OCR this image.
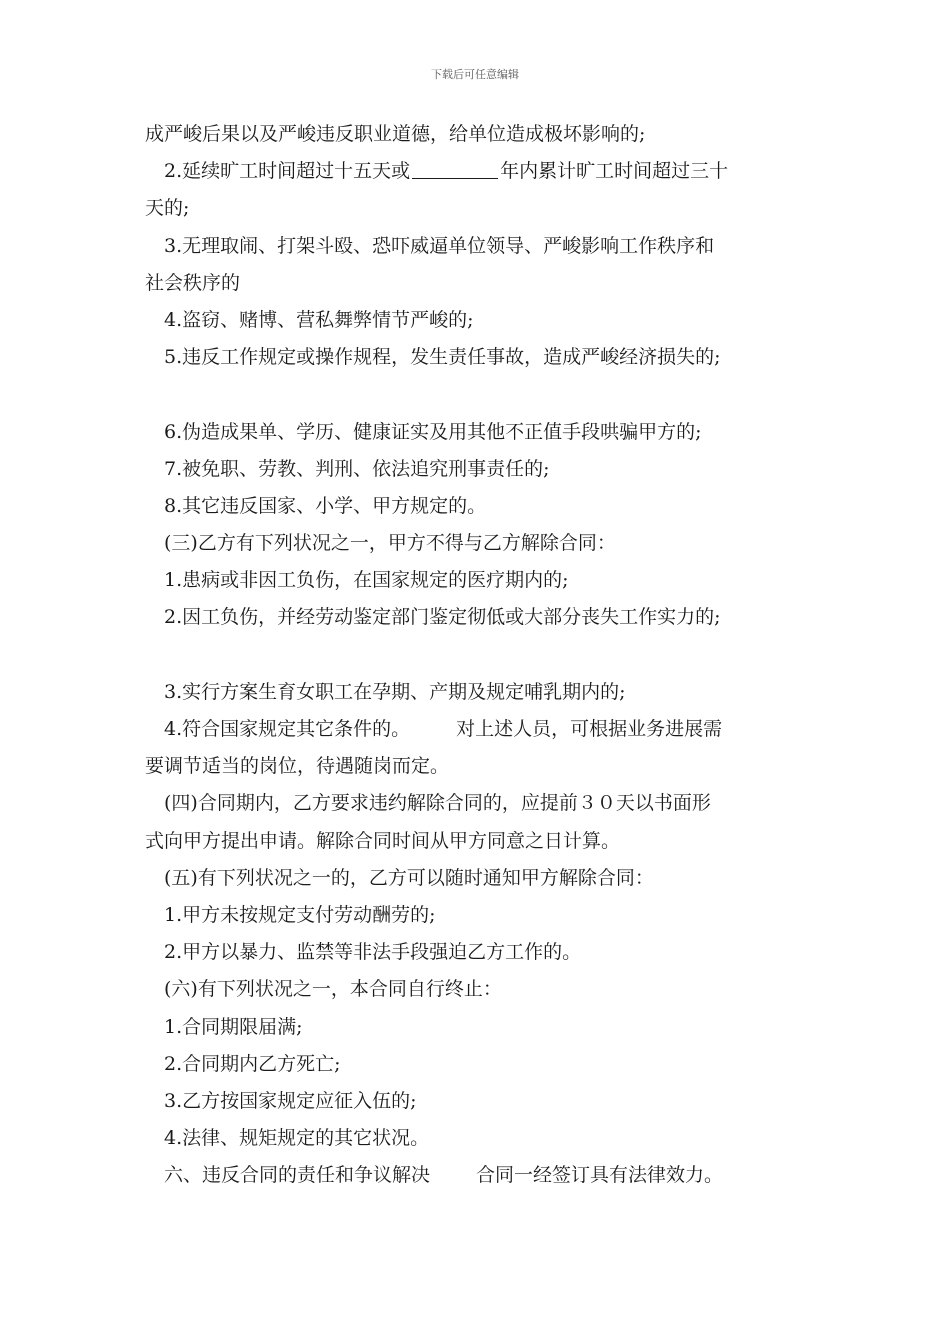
下载后可任意编辑
成严峻后果以及严峻违反职业道德，给单位造成极坏影响的;
2.延续旷工时间超过十五天或	年内累计旷工时间超过三十
天的;
3.无理取闹、打架斗殴、恐吓威逼单位领导、严峻影响工作秩序和
社会秩序的
4.盗窃、赌博、营私舞弊情节严峻的;
5.违反工作规定或操作规程，发生责任事故，造成严峻经济损失的;
6.伪造成果单、学历、健康证实及用其他不正值手段哄骗甲方的;
7.被免职、劳教、判刑、依法追究刑事责任的;
8.其它违反国家、小学、甲方规定的。
(三)乙方有下列状况之一，甲方不得与乙方解除合同：
1.患病或非因工负伤，在国家规定的医疗期内的;
2.因工负伤，并经劳动鉴定部门鉴定彻低或大部分丧失工作实力的;
3.实行方案生育女职工在孕期、产期及规定哺乳期内的;
4.符合国家规定其它条件的。 对上述人员，可根据业务进展需
要调节适当的岗位，待遇随岗而定。
(四)合同期内，乙方要求违约解除合同的，应提前３０天以书面形
式向甲方提出申请。解除合同时间从甲方同意之日计算。
(五)有下列状况之一的，乙方可以随时通知甲方解除合同：
1.甲方未按规定支付劳动酬劳的;
2.甲方以暴力、监禁等非法手段强迫乙方工作的。
(六)有下列状况之一，本合同自行终止：
1.合同期限届满;
2.合同期内乙方死亡;
3.乙方按国家规定应征入伍的;
4.法律、规矩规定的其它状况。
六、违反合同的责任和争议解决 合同一经签订具有法律效力。
